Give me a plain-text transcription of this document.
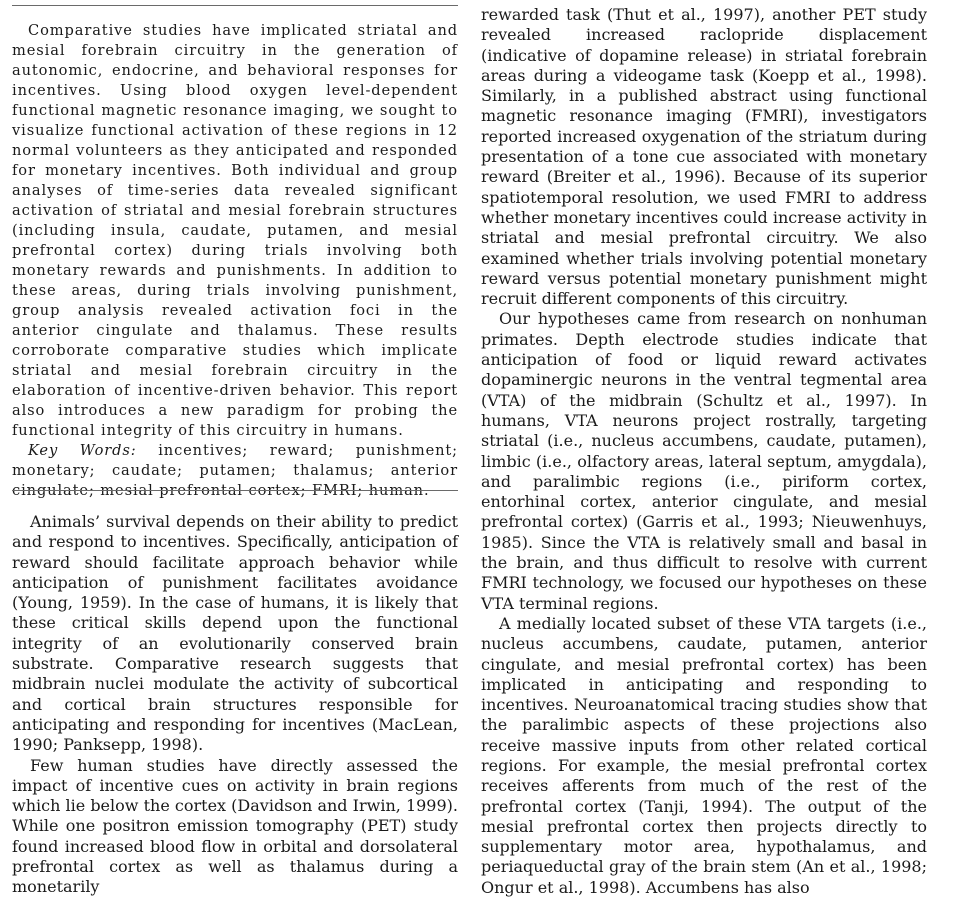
Comparative studies have implicated striatal and mesial forebrain circuitry in the generation of autonomic, endocrine, and behavioral responses for incentives. Using blood oxygen level-dependent functional magnetic resonance imaging, we sought to visualize functional activation of these regions in 12 normal volunteers as they anticipated and responded for monetary incentives. Both individual and group analyses of time-series data revealed significant activation of striatal and mesial forebrain structures (including insula, caudate, putamen, and mesial prefrontal cortex) during trials involving both monetary rewards and punishments. In addition to these areas, during trials involving punishment, group analysis revealed activation foci in the anterior cingulate and thalamus. These results corroborate comparative studies which implicate striatal and mesial forebrain circuitry in the elaboration of incentive-driven behavior. This report also introduces a new paradigm for probing the functional integrity of this circuitry in humans.

Key Words: incentives; reward; punishment; monetary; caudate; putamen; thalamus; anterior cingulate; mesial prefrontal cortex; FMRI; human.

Animals’ survival depends on their ability to predict and respond to incentives. Specifically, anticipation of reward should facilitate approach behavior while anticipation of punishment facilitates avoidance (Young, 1959). In the case of humans, it is likely that these critical skills depend upon the functional integrity of an evolutionarily conserved brain substrate. Comparative research suggests that midbrain nuclei modulate the activity of subcortical and cortical brain structures responsible for anticipating and responding for incentives (MacLean, 1990; Panksepp, 1998).

Few human studies have directly assessed the impact of incentive cues on activity in brain regions which lie below the cortex (Davidson and Irwin, 1999). While one positron emission tomography (PET) study found increased blood flow in orbital and dorsolateral prefrontal cortex as well as thalamus during a monetarily

rewarded task (Thut et al., 1997), another PET study revealed increased raclopride displacement (indicative of dopamine release) in striatal forebrain areas during a videogame task (Koepp et al., 1998). Similarly, in a published abstract using functional magnetic resonance imaging (FMRI), investigators reported increased oxygenation of the striatum during presentation of a tone cue associated with monetary reward (Breiter et al., 1996). Because of its superior spatiotemporal resolution, we used FMRI to address whether monetary incentives could increase activity in striatal and mesial prefrontal circuitry. We also examined whether trials involving potential monetary reward versus potential monetary punishment might recruit different components of this circuitry.

Our hypotheses came from research on nonhuman primates. Depth electrode studies indicate that anticipation of food or liquid reward activates dopaminergic neurons in the ventral tegmental area (VTA) of the midbrain (Schultz et al., 1997). In humans, VTA neurons project rostrally, targeting striatal (i.e., nucleus accumbens, caudate, putamen), limbic (i.e., olfactory areas, lateral septum, amygdala), and paralimbic regions (i.e., piriform cortex, entorhinal cortex, anterior cingulate, and mesial prefrontal cortex) (Garris et al., 1993; Nieuwenhuys, 1985). Since the VTA is relatively small and basal in the brain, and thus difficult to resolve with current FMRI technology, we focused our hypotheses on these VTA terminal regions.

A medially located subset of these VTA targets (i.e., nucleus accumbens, caudate, putamen, anterior cingulate, and mesial prefrontal cortex) has been implicated in anticipating and responding to incentives. Neuroanatomical tracing studies show that the paralimbic aspects of these projections also receive massive inputs from other related cortical regions. For example, the mesial prefrontal cortex receives afferents from much of the rest of the prefrontal cortex (Tanji, 1994). The output of the mesial prefrontal cortex then projects directly to supplementary motor area, hypothalamus, and periaqueductal gray of the brain stem (An et al., 1998; Ongur et al., 1998). Accumbens has also
